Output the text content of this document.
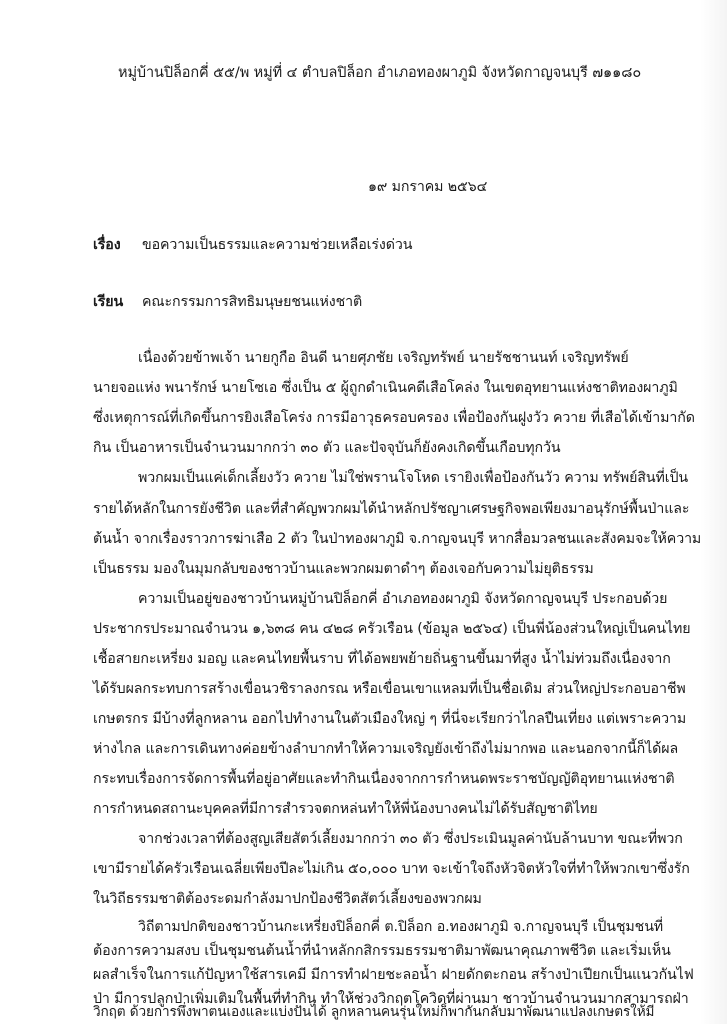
หมู่บ้านปิล็อกคี่ ๕๕/พ หมู่ที่ ๔ ตำบลปิล็อก อำเภอทองผาภูมิ จังหวัดกาญจนบุรี ๗๑๑๘๐
๑๙ มกราคม ๒๕๖๔
เรื่อง ขอความเป็นธรรมและความช่วยเหลือเร่งด่วน
เรียน คณะกรรมการสิทธิมนุษยชนแห่งชาติ
เนื่องด้วยข้าพเจ้า นายกูกือ อินดี นายศุภชัย เจริญทรัพย์ นายรัชชานนท์ เจริญทรัพย์
นายจอแห่ง พนารักษ์ นายโซเอ ซึ่งเป็น ๕ ผู้ถูกดำเนินคดีเสือโคล่ง ในเขตอุทยานแห่งชาติทองผาภูมิ
ซึ่งเหตุการณ์ที่เกิดขึ้นการยิงเสือโคร่ง การมีอาวุธครอบครอง เพื่อป้องกันฝูงวัว ควาย ที่เสือได้เข้ามากัด
กิน เป็นอาหารเป็นจำนวนมากกว่า ๓๐ ตัว และปัจจุบันก็ยังคงเกิดขึ้นเกือบทุกวัน
พวกผมเป็นแค่เด็กเลี้ยงวัว ควาย ไม่ใช่พรานโจโหด เรายิงเพื่อป้องกันวัว ความ ทรัพย์สินที่เป็น
รายได้หลักในการยังชีวิต และที่สำคัญพวกผมได้นำหลักปรัชญาเศรษฐกิจพอเพียงมาอนุรักษ์พื้นป่าและ
ต้นน้ำ จากเรื่องราวการฆ่าเสือ 2 ตัว ในป่าทองผาภูมิ จ.กาญจนบุรี หากสื่อมวลชนและสังคมจะให้ความ
เป็นธรรม มองในมุมกลับของชาวบ้านและพวกผมตาดำๆ ต้องเจอกับความไม่ยุติธรรม
ความเป็นอยู่ของชาวบ้านหมู่บ้านปิล็อกคี่ อำเภอทองผาภูมิ จังหวัดกาญจนบุรี ประกอบด้วย
ประชากรประมาณจำนวน ๑,๖๓๘ คน ๔๒๘ ครัวเรือน (ข้อมูล ๒๕๖๔) เป็นพี่น้องส่วนใหญ่เป็นคนไทย
เชื้อสายกะเหรี่ยง มอญ และคนไทยพื้นราบ ที่ได้อพยพย้ายถิ่นฐานขึ้นมาที่สูง น้ำไม่ท่วมถึงเนื่องจาก
ได้รับผลกระทบการสร้างเขื่อนวชิราลงกรณ หรือเขื่อนเขาแหลมที่เป็นชื่อเดิม ส่วนใหญ่ประกอบอาชีพ
เกษตรกร มีบ้างที่ลูกหลาน ออกไปทำงานในตัวเมืองใหญ่ ๆ ที่นี่จะเรียกว่าไกลปืนเที่ยง แต่เพราะความ
ห่างไกล และการเดินทางค่อยข้างลำบากทำให้ความเจริญยังเข้าถึงไม่มากพอ และนอกจากนี้ก็ได้ผล
กระทบเรื่องการจัดการพื้นที่อยู่อาศัยและทำกินเนื่องจากการกำหนดพระราชบัญญัติอุทยานแห่งชาติ
การกำหนดสถานะบุคคลที่มีการสำรวจตกหล่นทำให้พี่น้องบางคนไม่ได้รับสัญชาติไทย
จากช่วงเวลาที่ต้องสูญเสียสัตว์เลี้ยงมากกว่า ๓๐ ตัว ซึ่งประเมินมูลค่านับล้านบาท ขณะที่พวก
เขามีรายได้ครัวเรือนเฉลี่ยเพียงปีละไม่เกิน ๕๐,๐๐๐ บาท จะเข้าใจถึงหัวจิตหัวใจที่ทำให้พวกเขาซึ่งรัก
ในวิถีธรรมชาติต้องระดมกำลังมาปกป้องชีวิตสัตว์เลี้ยงของพวกผม
วิถีตามปกติของชาวบ้านกะเหรี่ยงปิล็อกคี่ ต.ปิล็อก อ.ทองผาภูมิ จ.กาญจนบุรี เป็นชุมชนที่
ต้องการความสงบ เป็นชุมชนต้นน้ำที่นำหลักกสิกรรมธรรมชาติมาพัฒนาคุณภาพชีวิต และเริ่มเห็น
ผลสำเร็จในการแก้ปัญหาใช้สารเคมี มีการทำฝายชะลอน้ำ ฝายดักตะกอน สร้างป่าเปียกเป็นแนวกันไฟ
ป่า มีการปลูกป่าเพิ่มเติมในพื้นที่ทำกิน ทำให้ช่วงวิกฤตโควิดที่ผ่านมา ชาวบ้านจำนวนมากสามารถฝ่า
วิกฤต ด้วยการพึ่งพาตนเองและแบ่งปันได้ ลูกหลานคนรุ่นใหม่ก็พากันกลับมาพัฒนาแปลงเกษตรให้มี
